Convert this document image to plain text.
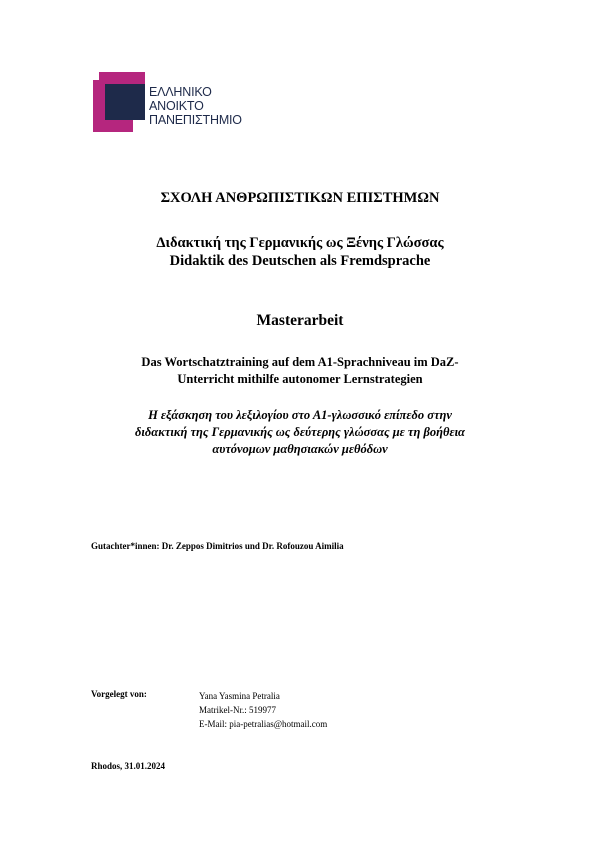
ΕΛΛΗΝΙΚΟ
ΑΝΟΙΚΤΟ
ΠΑΝΕΠΙΣΤΗΜΙΟ
ΣΧΟΛΗ ΑΝΘΡΩΠΙΣΤΙΚΩΝ ΕΠΙΣΤΗΜΩΝ
Διδακτική της Γερμανικής ως Ξένης Γλώσσας
Didaktik des Deutschen als Fremdsprache
Masterarbeit
Das Wortschatztraining auf dem A1-Sprachniveau im DaZ-
Unterricht mithilfe autonomer Lernstrategien
Η εξάσκηση του λεξιλογίου στο Α1-γλωσσικό επίπεδο στην
διδακτική της Γερμανικής ως δεύτερης γλώσσας με τη βοήθεια
αυτόνομων μαθησιακών μεθόδων
Gutachter*innen: Dr. Zeppos Dimitrios und Dr. Rofouzou Aimilia
Vorgelegt von:	Yana Yasmina Petralia
Matrikel-Nr.: 519977
E-Mail: pia-petralias@hotmail.com
Rhodos, 31.01.2024
